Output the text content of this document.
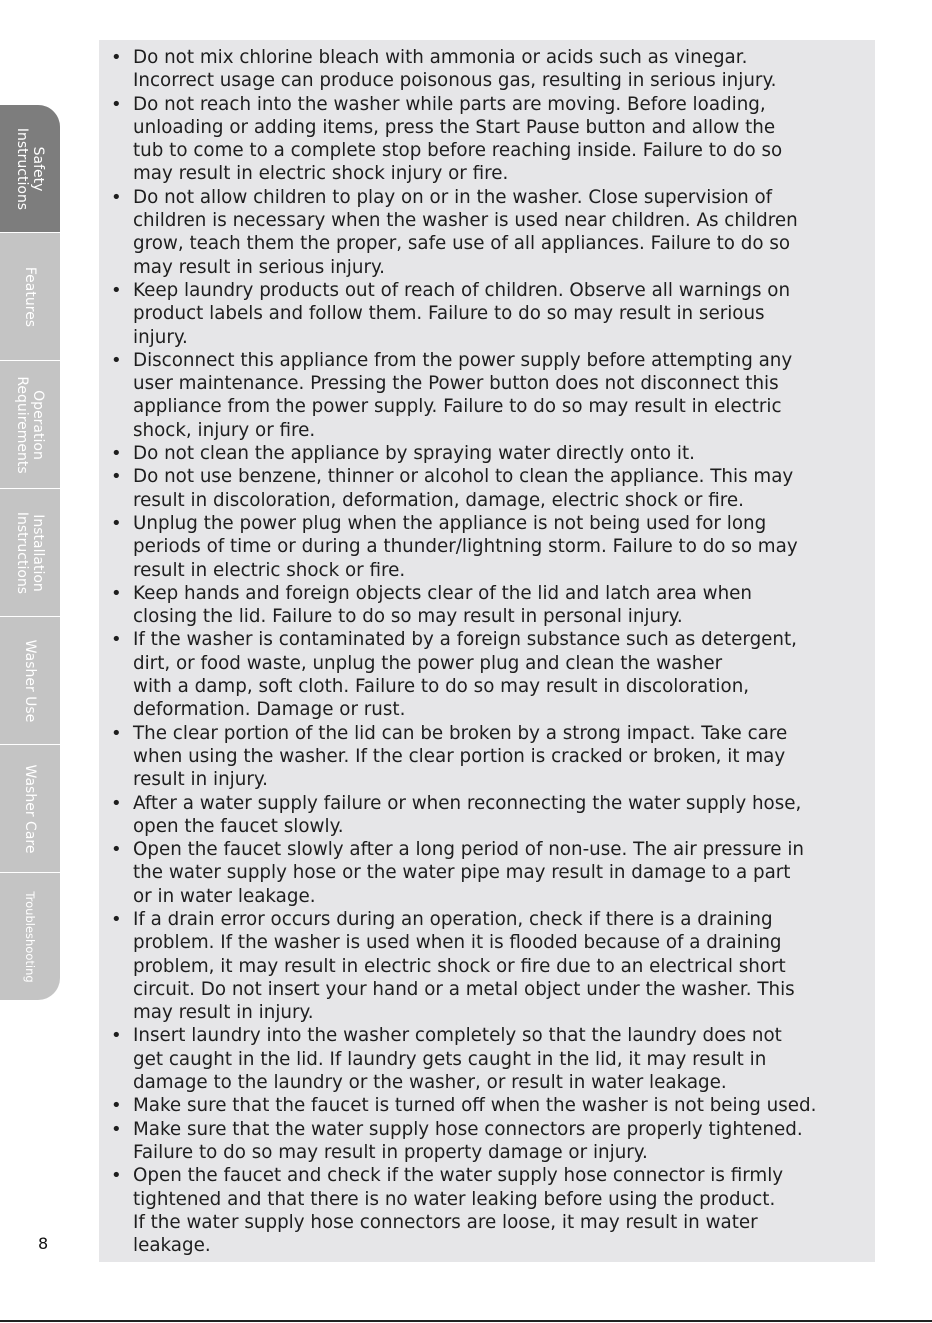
Safety
Instructions
Features
Operation
Requirements
Installation
Instructions
Washer Use
Washer Care
Troubleshooting
8
• Do not mix chlorine bleach with ammonia or acids such as vinegar.
Incorrect usage can produce poisonous gas, resulting in serious injury.
• Do not reach into the washer while parts are moving. Before loading,
unloading or adding items, press the Start Pause button and allow the
tub to come to a complete stop before reaching inside. Failure to do so
may result in electric shock injury or fire.
• Do not allow children to play on or in the washer. Close supervision of
children is necessary when the washer is used near children. As children
grow, teach them the proper, safe use of all appliances. Failure to do so
may result in serious injury.
• Keep laundry products out of reach of children. Observe all warnings on
product labels and follow them. Failure to do so may result in serious
injury.
• Disconnect this appliance from the power supply before attempting any
user maintenance. Pressing the Power button does not disconnect this
appliance from the power supply. Failure to do so may result in electric
shock, injury or fire.
• Do not clean the appliance by spraying water directly onto it.
• Do not use benzene, thinner or alcohol to clean the appliance. This may
result in discoloration, deformation, damage, electric shock or fire.
• Unplug the power plug when the appliance is not being used for long
periods of time or during a thunder/lightning storm. Failure to do so may
result in electric shock or fire.
• Keep hands and foreign objects clear of the lid and latch area when
closing the lid. Failure to do so may result in personal injury.
• If the washer is contaminated by a foreign substance such as detergent,
dirt, or food waste, unplug the power plug and clean the washer
with a damp, soft cloth. Failure to do so may result in discoloration,
deformation. Damage or rust.
• The clear portion of the lid can be broken by a strong impact. Take care
when using the washer. If the clear portion is cracked or broken, it may
result in injury.
• After a water supply failure or when reconnecting the water supply hose,
open the faucet slowly.
• Open the faucet slowly after a long period of non-use. The air pressure in
the water supply hose or the water pipe may result in damage to a part
or in water leakage.
• If a drain error occurs during an operation, check if there is a draining
problem. If the washer is used when it is flooded because of a draining
problem, it may result in electric shock or fire due to an electrical short
circuit. Do not insert your hand or a metal object under the washer. This
may result in injury.
• Insert laundry into the washer completely so that the laundry does not
get caught in the lid. If laundry gets caught in the lid, it may result in
damage to the laundry or the washer, or result in water leakage.
• Make sure that the faucet is turned off when the washer is not being used.
• Make sure that the water supply hose connectors are properly tightened.
Failure to do so may result in property damage or injury.
• Open the faucet and check if the water supply hose connector is firmly
tightened and that there is no water leaking before using the product.
If the water supply hose connectors are loose, it may result in water
leakage.
